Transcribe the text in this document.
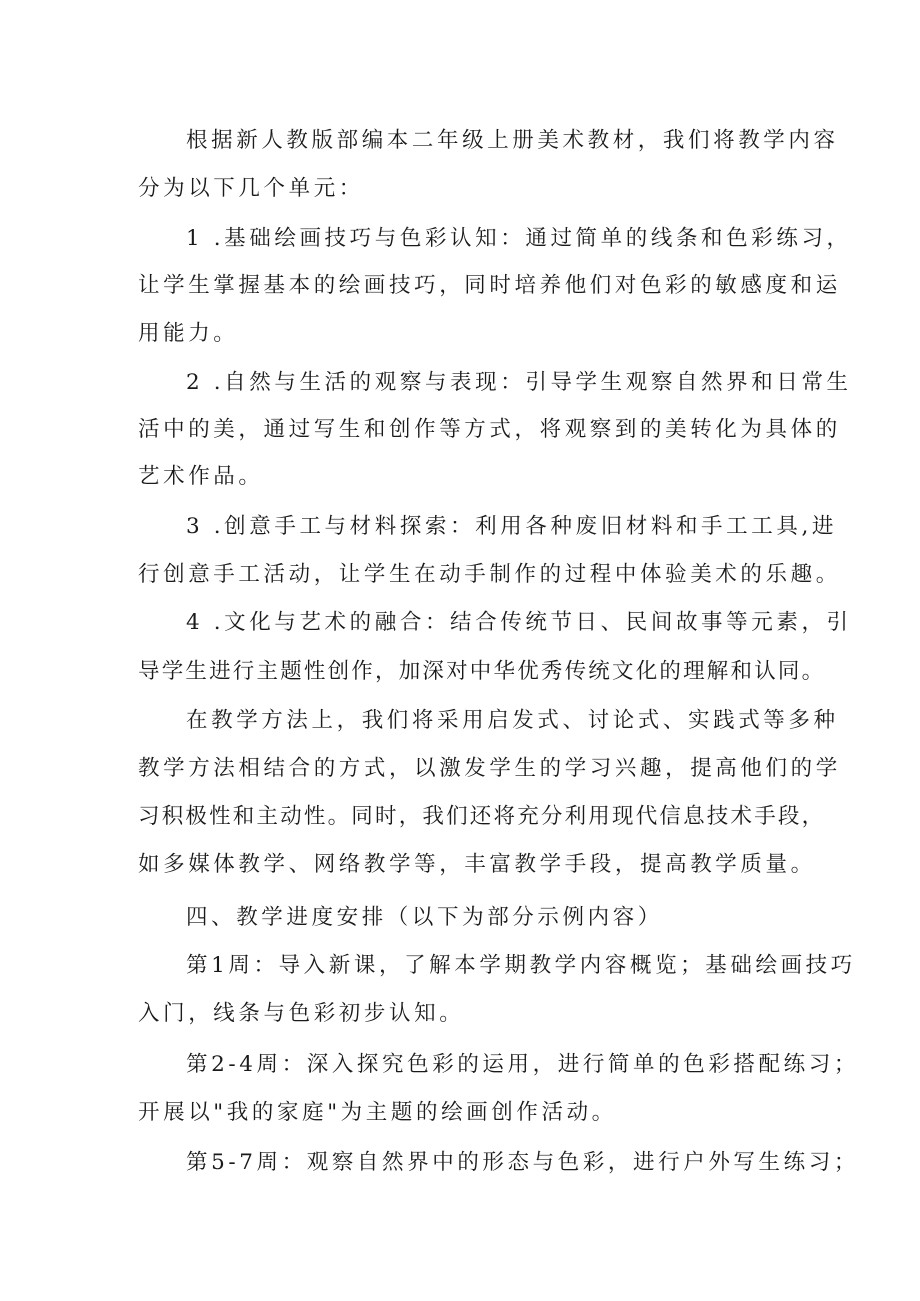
根据新人教版部编本二年级上册美术教材，我们将教学内容
分为以下几个单元：
1 .基础绘画技巧与色彩认知：通过简单的线条和色彩练习，
让学生掌握基本的绘画技巧，同时培养他们对色彩的敏感度和运
用能力。
2 .自然与生活的观察与表现：引导学生观察自然界和日常生
活中的美，通过写生和创作等方式，将观察到的美转化为具体的
艺术作品。
3 .创意手工与材料探索：利用各种废旧材料和手工工具,进
行创意手工活动，让学生在动手制作的过程中体验美术的乐趣。
4 .文化与艺术的融合：结合传统节日、民间故事等元素，引
导学生进行主题性创作，加深对中华优秀传统文化的理解和认同。
在教学方法上，我们将采用启发式、讨论式、实践式等多种
教学方法相结合的方式，以激发学生的学习兴趣，提高他们的学
习积极性和主动性。同时，我们还将充分利用现代信息技术手段，
如多媒体教学、网络教学等，丰富教学手段，提高教学质量。
四、教学进度安排（以下为部分示例内容）
第1周：导入新课，了解本学期教学内容概览；基础绘画技巧
入门，线条与色彩初步认知。
第2-4周：深入探究色彩的运用，进行简单的色彩搭配练习；
开展以"我的家庭"为主题的绘画创作活动。
第5-7周：观察自然界中的形态与色彩，进行户外写生练习；
